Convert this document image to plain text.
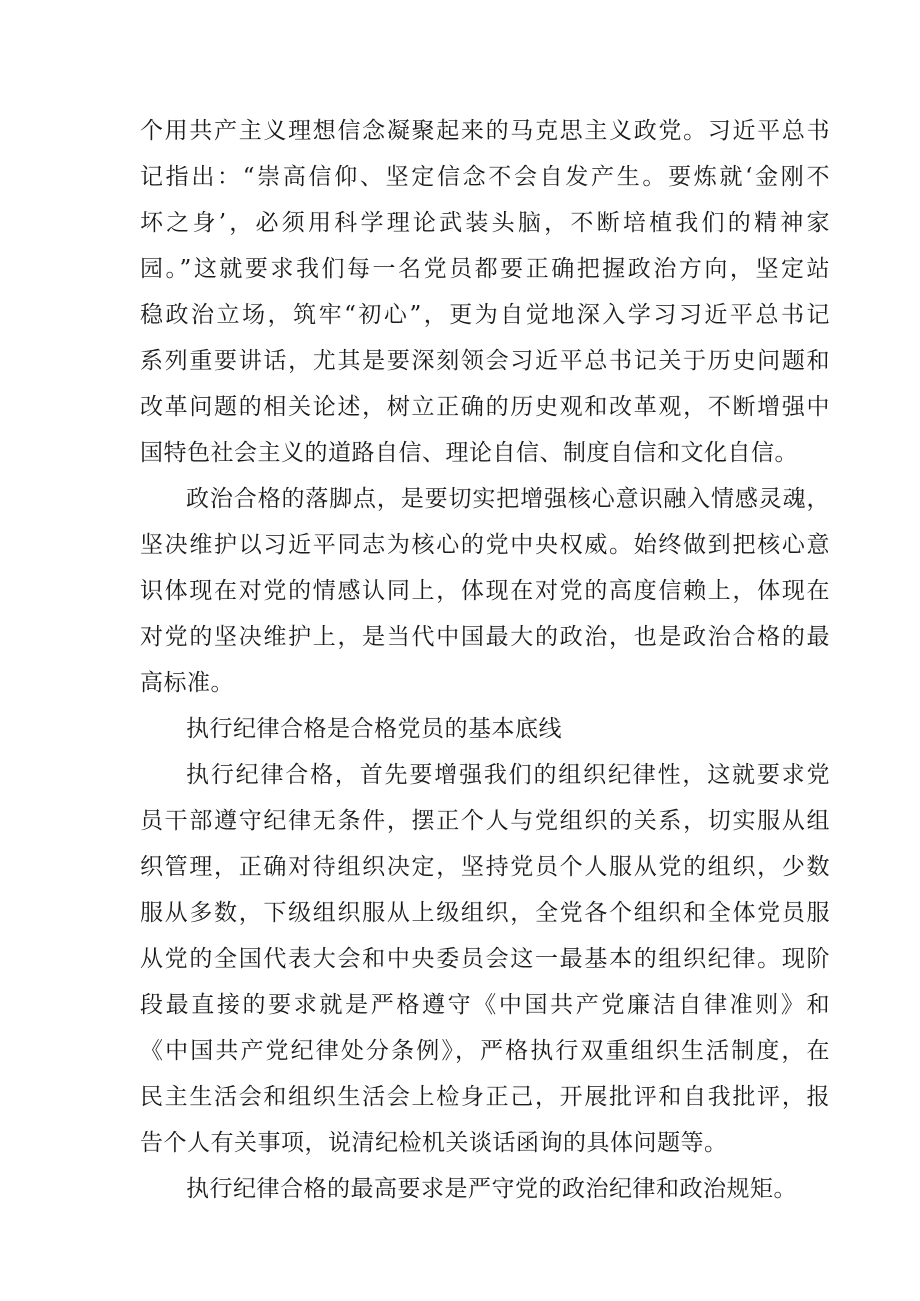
个用共产主义理想信念凝聚起来的马克思主义政党。习近平总书
记指出：“崇高信仰、坚定信念不会自发产生。要炼就‘金刚不
坏之身’，必须用科学理论武装头脑，不断培植我们的精神家
园。”这就要求我们每一名党员都要正确把握政治方向，坚定站
稳政治立场，筑牢“初心”，更为自觉地深入学习习近平总书记
系列重要讲话，尤其是要深刻领会习近平总书记关于历史问题和
改革问题的相关论述，树立正确的历史观和改革观，不断增强中
国特色社会主义的道路自信、理论自信、制度自信和文化自信。
政治合格的落脚点，是要切实把增强核心意识融入情感灵魂，
坚决维护以习近平同志为核心的党中央权威。始终做到把核心意
识体现在对党的情感认同上，体现在对党的高度信赖上，体现在
对党的坚决维护上，是当代中国最大的政治，也是政治合格的最
高标准。
执行纪律合格是合格党员的基本底线
执行纪律合格，首先要增强我们的组织纪律性，这就要求党
员干部遵守纪律无条件，摆正个人与党组织的关系，切实服从组
织管理，正确对待组织决定，坚持党员个人服从党的组织，少数
服从多数，下级组织服从上级组织，全党各个组织和全体党员服
从党的全国代表大会和中央委员会这一最基本的组织纪律。现阶
段最直接的要求就是严格遵守《中国共产党廉洁自律准则》和
《中国共产党纪律处分条例》，严格执行双重组织生活制度，在
民主生活会和组织生活会上检身正己，开展批评和自我批评，报
告个人有关事项，说清纪检机关谈话函询的具体问题等。
执行纪律合格的最高要求是严守党的政治纪律和政治规矩。
